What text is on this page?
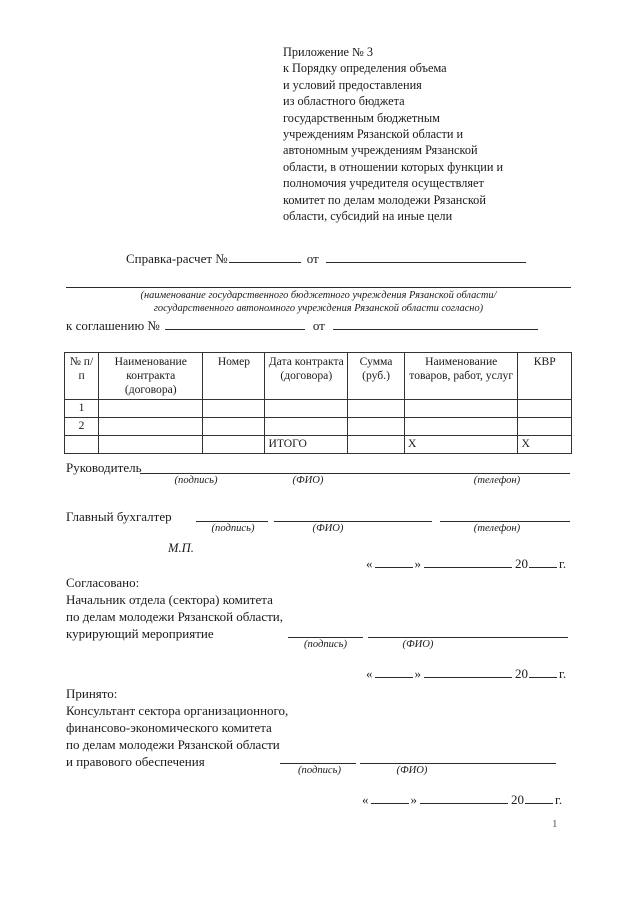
Приложение № 3
к Порядку определения объема
и условий предоставления
из областного бюджета
государственным бюджетным
учреждениям Рязанской области и
автономным учреждениям Рязанской
области, в отношении которых функции и
полномочия учредителя осуществляет
комитет по делам молодежи Рязанской
области, субсидий на иные цели
Справка-расчет №	от
(наименование государственного бюджетного учреждения Рязанской области/
государственного автономного учреждения Рязанской области согласно)
к соглашению №	от
№ п/п	Наименование контракта (договора)	Номер	Дата контракта (договора)	Сумма (руб.)	Наименование товаров, работ, услуг	КВР
1						
2						
			ИТОГО		X	X
Руководитель
(подпись)	(ФИО)	(телефон)
Главный бухгалтер
(подпись)	(ФИО)	(телефон)
М.П.
«	»	20 г.
Согласовано:
Начальник отдела (сектора) комитета
по делам молодежи Рязанской области,
курирующий мероприятие
(подпись)	(ФИО)
«	»	20 г.
Принято:
Консультант сектора организационного,
финансово-экономического комитета
по делам молодежи Рязанской области
и правового обеспечения
(подпись)	(ФИО)
«	»	20 г.
1
